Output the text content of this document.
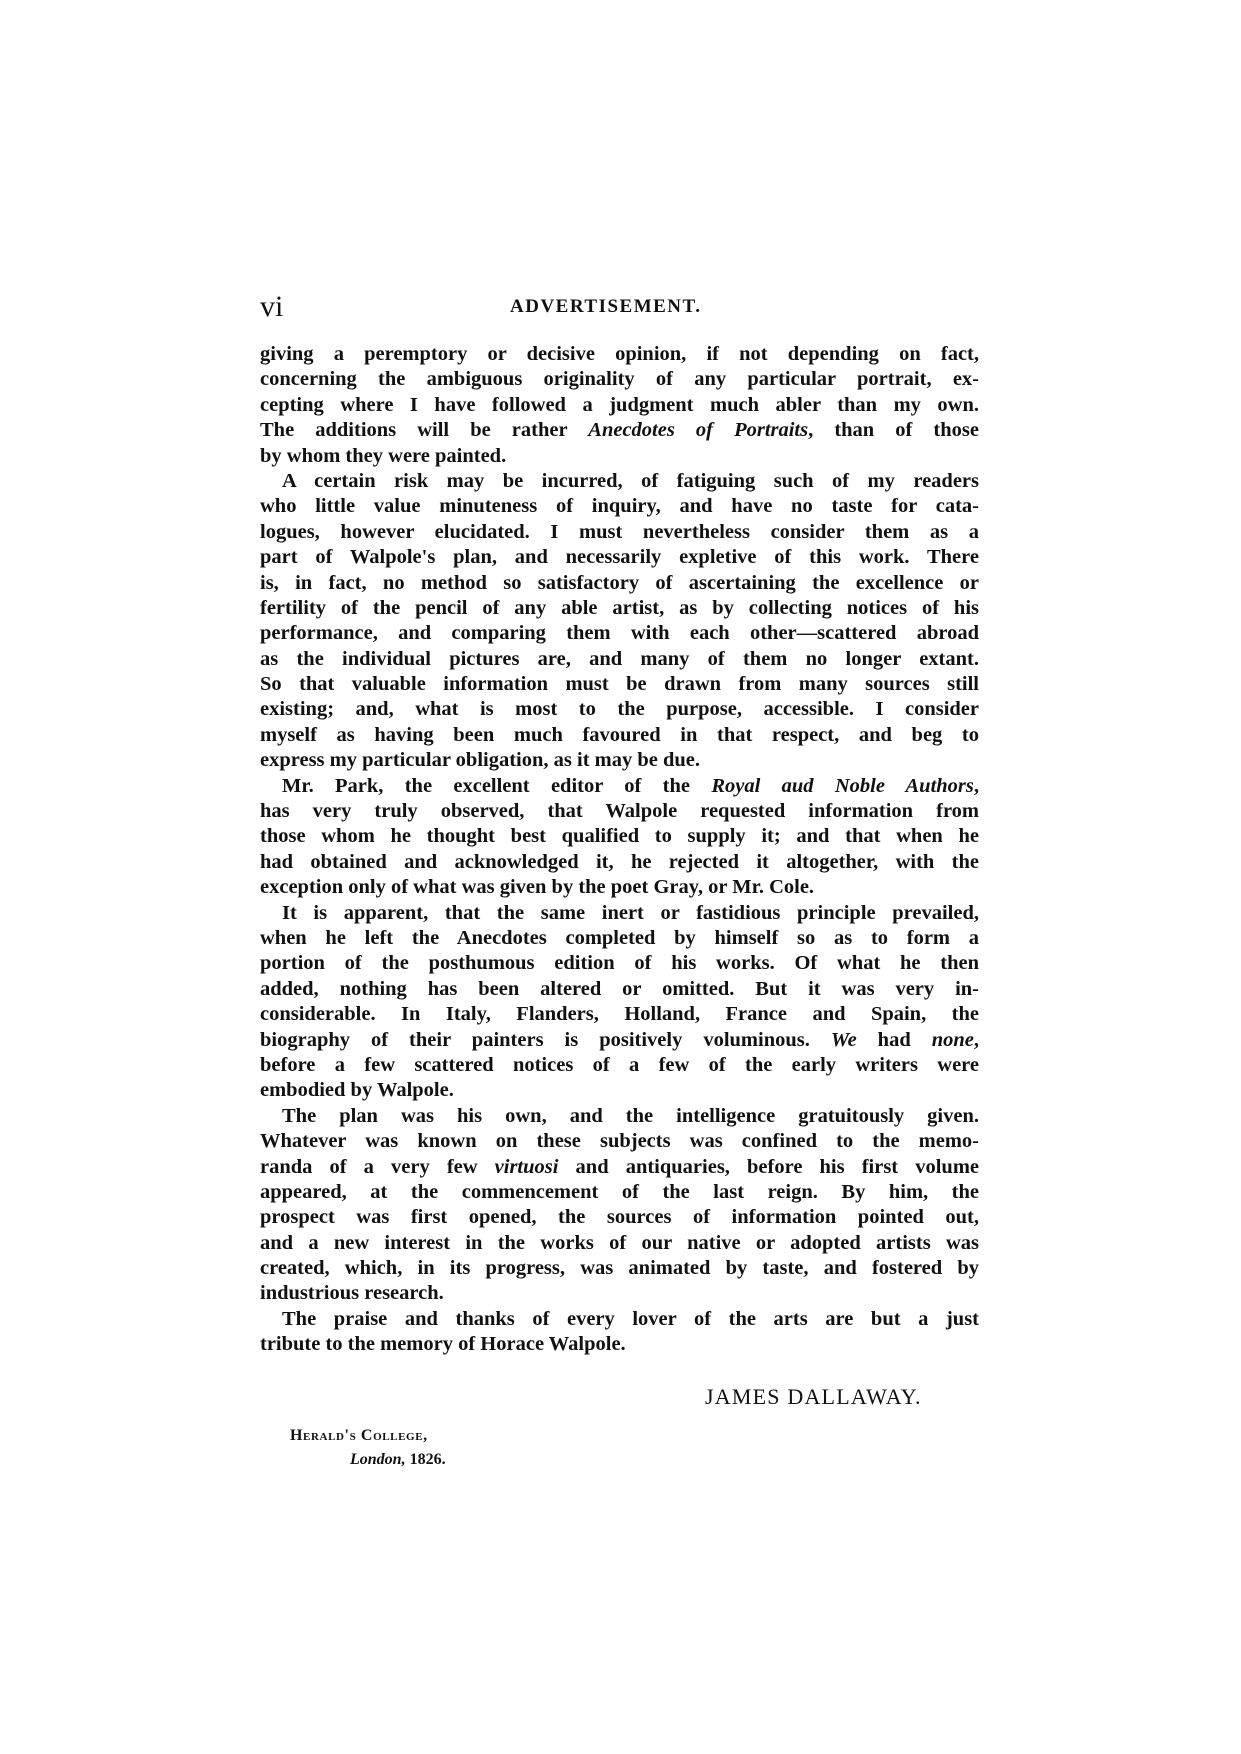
vi	ADVERTISEMENT.
giving a peremptory or decisive opinion, if not depending on fact,
concerning the ambiguous originality of any particular portrait, ex-
cepting where I have followed a judgment much abler than my own.
The additions will be rather Anecdotes of Portraits, than of those
by whom they were painted.
A certain risk may be incurred, of fatiguing such of my readers
who little value minuteness of inquiry, and have no taste for cata-
logues, however elucidated. I must nevertheless consider them as a
part of Walpole's plan, and necessarily expletive of this work. There
is, in fact, no method so satisfactory of ascertaining the excellence or
fertility of the pencil of any able artist, as by collecting notices of his
performance, and comparing them with each other—scattered abroad
as the individual pictures are, and many of them no longer extant.
So that valuable information must be drawn from many sources still
existing; and, what is most to the purpose, accessible. I consider
myself as having been much favoured in that respect, and beg to
express my particular obligation, as it may be due.
Mr. Park, the excellent editor of the Royal aud Noble Authors,
has very truly observed, that Walpole requested information from
those whom he thought best qualified to supply it; and that when he
had obtained and acknowledged it, he rejected it altogether, with the
exception only of what was given by the poet Gray, or Mr. Cole.
It is apparent, that the same inert or fastidious principle prevailed,
when he left the Anecdotes completed by himself so as to form a
portion of the posthumous edition of his works. Of what he then
added, nothing has been altered or omitted. But it was very in-
considerable. In Italy, Flanders, Holland, France and Spain, the
biography of their painters is positively voluminous. We had none,
before a few scattered notices of a few of the early writers were
embodied by Walpole.
The plan was his own, and the intelligence gratuitously given.
Whatever was known on these subjects was confined to the memo-
randa of a very few virtuosi and antiquaries, before his first volume
appeared, at the commencement of the last reign. By him, the
prospect was first opened, the sources of information pointed out,
and a new interest in the works of our native or adopted artists was
created, which, in its progress, was animated by taste, and fostered by
industrious research.
The praise and thanks of every lover of the arts are but a just
tribute to the memory of Horace Walpole.
JAMES DALLAWAY.
Herald's College,
London, 1826.
